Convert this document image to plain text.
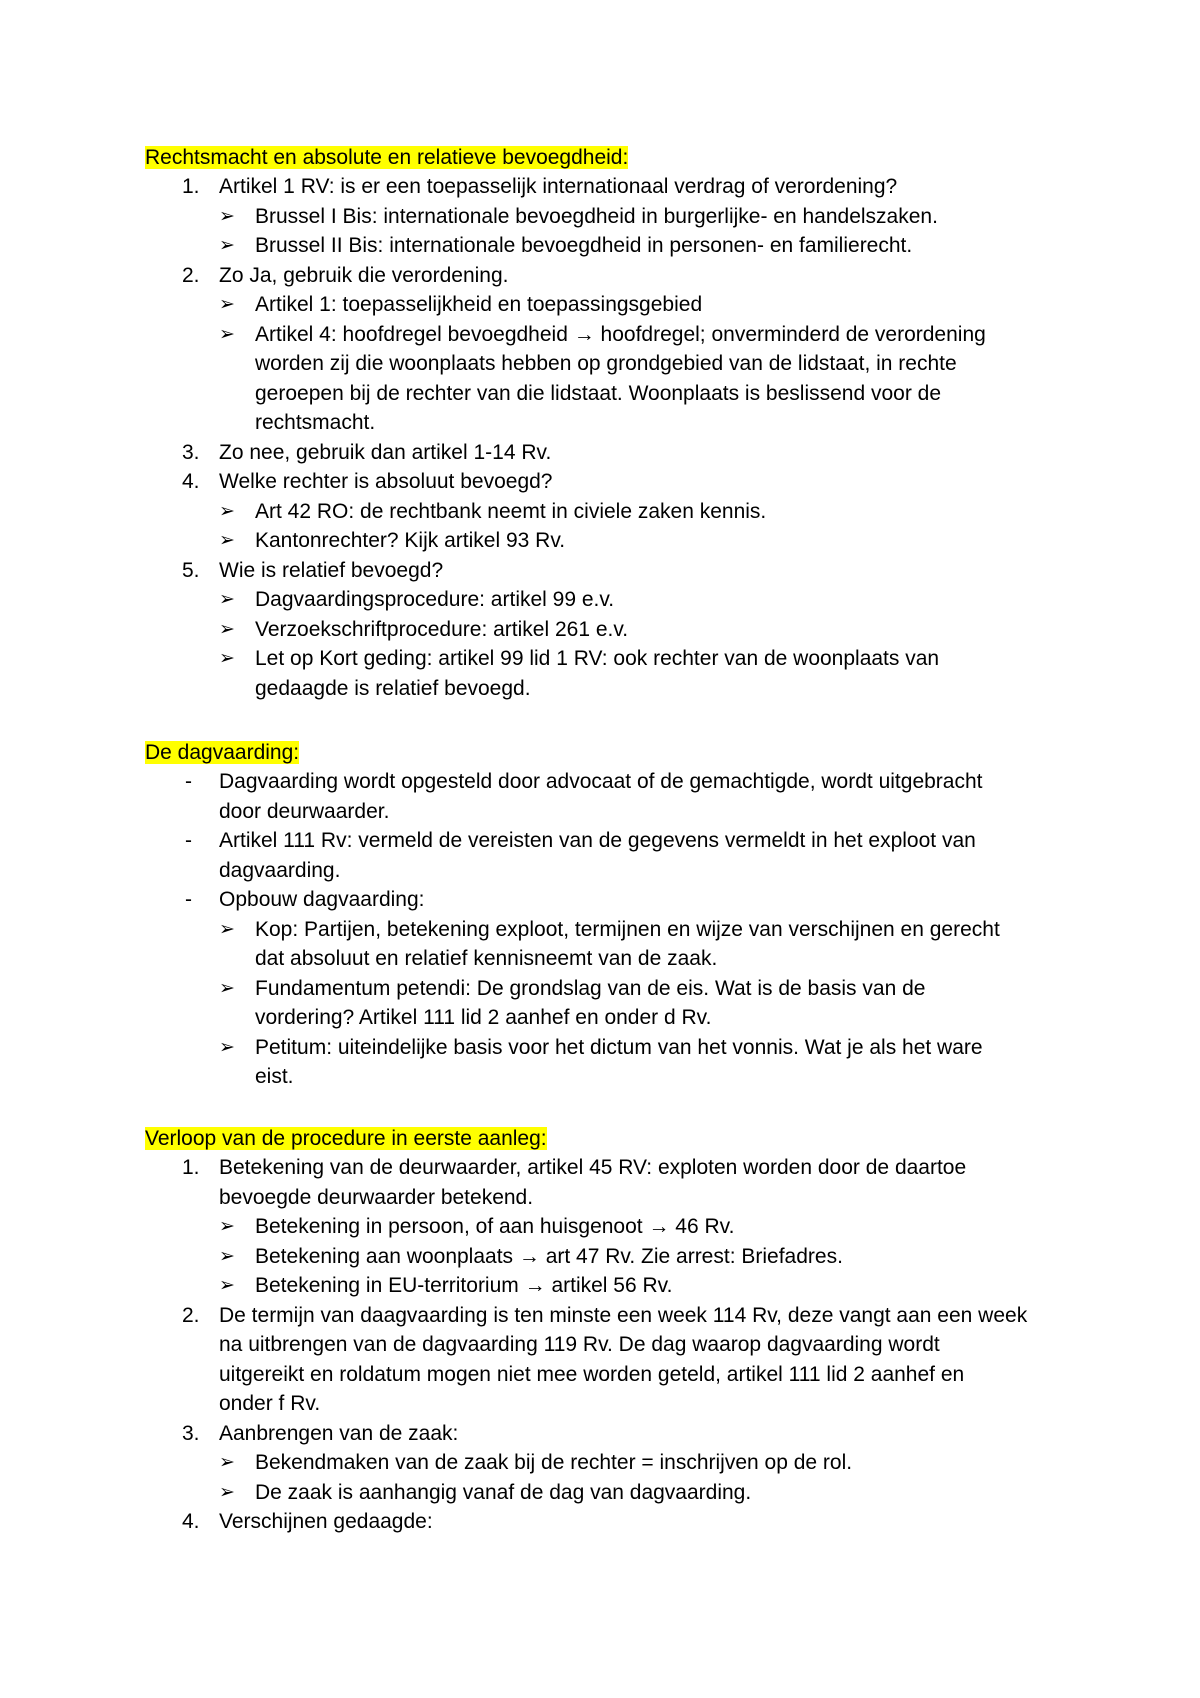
Rechtsmacht en absolute en relatieve bevoegdheid:
1. Artikel 1 RV: is er een toepasselijk internationaal verdrag of verordening?
➢ Brussel I Bis: internationale bevoegdheid in burgerlijke- en handelszaken.
➢ Brussel II Bis: internationale bevoegdheid in personen- en familierecht.
2. Zo Ja, gebruik die verordening.
➢ Artikel 1: toepasselijkheid en toepassingsgebied
➢ Artikel 4: hoofdregel bevoegdheid → hoofdregel; onverminderd de verordening
worden zij die woonplaats hebben op grondgebied van de lidstaat, in rechte
geroepen bij de rechter van die lidstaat. Woonplaats is beslissend voor de
rechtsmacht.
3. Zo nee, gebruik dan artikel 1-14 Rv.
4. Welke rechter is absoluut bevoegd?
➢ Art 42 RO: de rechtbank neemt in civiele zaken kennis.
➢ Kantonrechter? Kijk artikel 93 Rv.
5. Wie is relatief bevoegd?
➢ Dagvaardingsprocedure: artikel 99 e.v.
➢ Verzoekschriftprocedure: artikel 261 e.v.
➢ Let op Kort geding: artikel 99 lid 1 RV: ook rechter van de woonplaats van
gedaagde is relatief bevoegd.
De dagvaarding:
- Dagvaarding wordt opgesteld door advocaat of de gemachtigde, wordt uitgebracht
door deurwaarder.
- Artikel 111 Rv: vermeld de vereisten van de gegevens vermeldt in het exploot van
dagvaarding.
- Opbouw dagvaarding:
➢ Kop: Partijen, betekening exploot, termijnen en wijze van verschijnen en gerecht
dat absoluut en relatief kennisneemt van de zaak.
➢ Fundamentum petendi: De grondslag van de eis. Wat is de basis van de
vordering? Artikel 111 lid 2 aanhef en onder d Rv.
➢ Petitum: uiteindelijke basis voor het dictum van het vonnis. Wat je als het ware
eist.
Verloop van de procedure in eerste aanleg:
1. Betekening van de deurwaarder, artikel 45 RV: exploten worden door de daartoe
bevoegde deurwaarder betekend.
➢ Betekening in persoon, of aan huisgenoot → 46 Rv.
➢ Betekening aan woonplaats → art 47 Rv. Zie arrest: Briefadres.
➢ Betekening in EU-territorium → artikel 56 Rv.
2. De termijn van daagvaarding is ten minste een week 114 Rv, deze vangt aan een week
na uitbrengen van de dagvaarding 119 Rv. De dag waarop dagvaarding wordt
uitgereikt en roldatum mogen niet mee worden geteld, artikel 111 lid 2 aanhef en
onder f Rv.
3. Aanbrengen van de zaak:
➢ Bekendmaken van de zaak bij de rechter = inschrijven op de rol.
➢ De zaak is aanhangig vanaf de dag van dagvaarding.
4. Verschijnen gedaagde:
